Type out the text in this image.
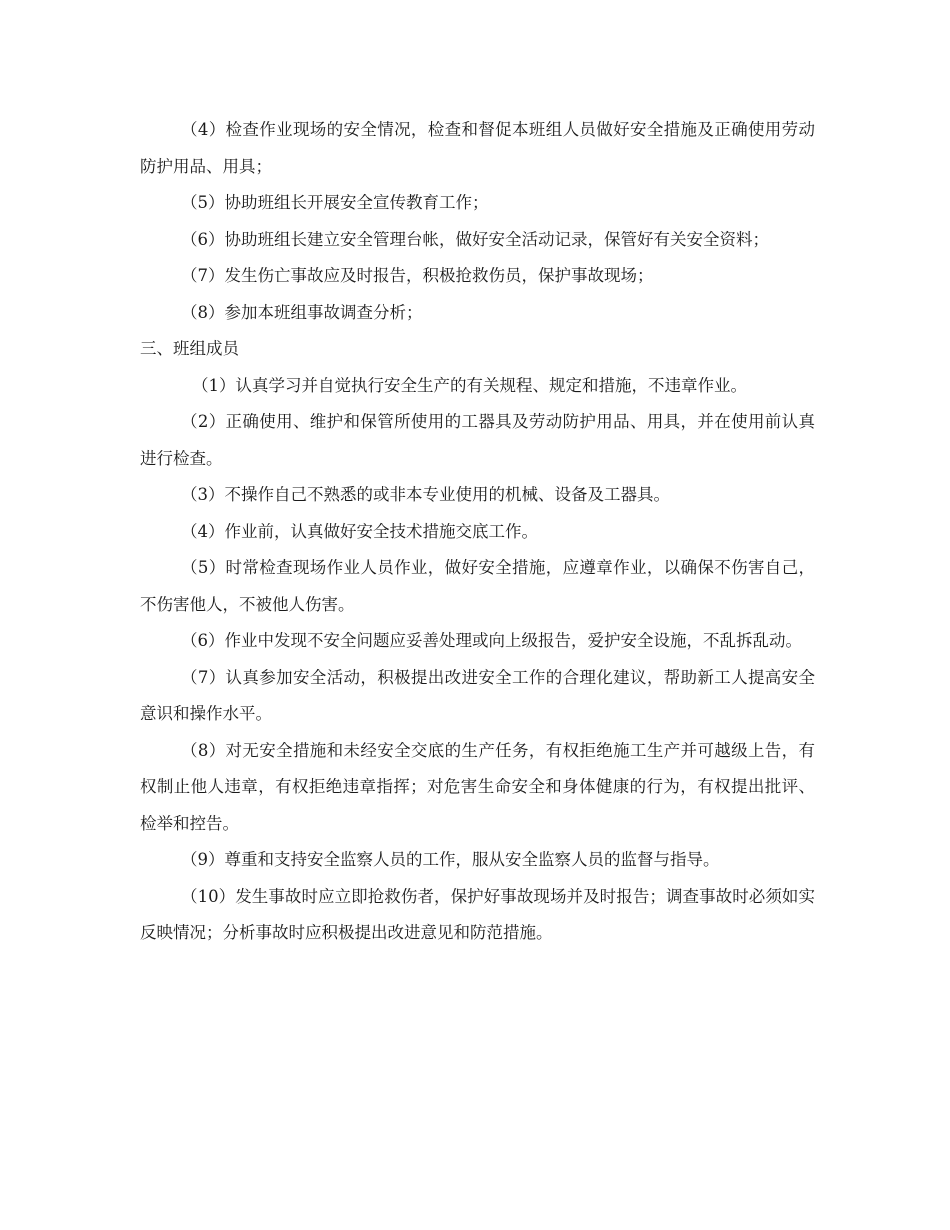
（4）检查作业现场的安全情况，检查和督促本班组人员做好安全措施及正确使用劳动防护用品、用具；

（5）协助班组长开展安全宣传教育工作；

（6）协助班组长建立安全管理台帐，做好安全活动记录，保管好有关安全资料；

（7）发生伤亡事故应及时报告，积极抢救伤员，保护事故现场；

（8）参加本班组事故调查分析；

三、班组成员

（1）认真学习并自觉执行安全生产的有关规程、规定和措施，不违章作业。

（2）正确使用、维护和保管所使用的工器具及劳动防护用品、用具，并在使用前认真进行检查。

（3）不操作自己不熟悉的或非本专业使用的机械、设备及工器具。

（4）作业前，认真做好安全技术措施交底工作。

（5）时常检查现场作业人员作业，做好安全措施，应遵章作业，以确保不伤害自己，不伤害他人，不被他人伤害。

（6）作业中发现不安全问题应妥善处理或向上级报告，爱护安全设施，不乱拆乱动。

（7）认真参加安全活动，积极提出改进安全工作的合理化建议，帮助新工人提高安全意识和操作水平。

（8）对无安全措施和未经安全交底的生产任务，有权拒绝施工生产并可越级上告，有权制止他人违章，有权拒绝违章指挥；对危害生命安全和身体健康的行为，有权提出批评、检举和控告。

（9）尊重和支持安全监察人员的工作，服从安全监察人员的监督与指导。

（10）发生事故时应立即抢救伤者，保护好事故现场并及时报告；调查事故时必须如实反映情况；分析事故时应积极提出改进意见和防范措施。
